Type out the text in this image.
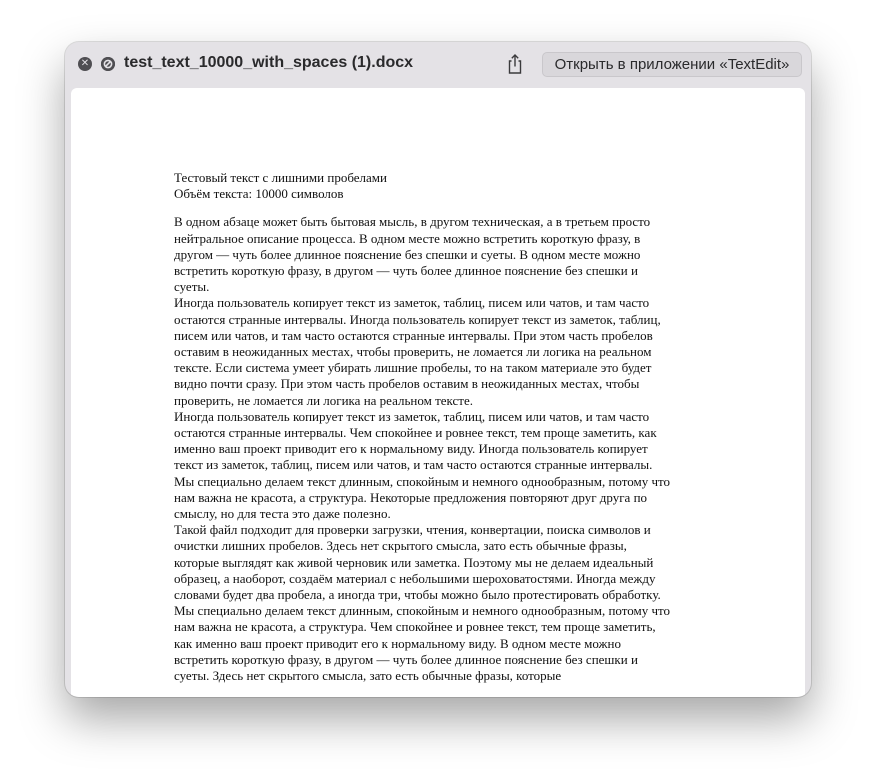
✕ test_text_10000_with_spaces (1).docx	Открыть в приложении «TextEdit»

Тестовый текст с лишними пробелами

Объём текста: 10000 символов

В одном абзаце может быть бытовая мысль, в другом техническая, а в третьем просто нейтральное описание процесса. В одном месте можно встретить короткую фразу, в другом — чуть более длинное пояснение без спешки и суеты. В одном месте можно встретить короткую фразу, в другом — чуть более длинное пояснение без спешки и суеты.

Иногда пользователь копирует текст из заметок, таблиц, писем или чатов, и там часто остаются странные интервалы. Иногда пользователь копирует текст из заметок, таблиц, писем или чатов, и там часто остаются странные интервалы. При этом часть пробелов оставим в неожиданных местах, чтобы проверить, не ломается ли логика на реальном тексте. Если система умеет убирать лишние пробелы, то на таком материале это будет видно почти сразу. При этом часть пробелов оставим в неожиданных местах, чтобы проверить, не ломается ли логика на реальном тексте.

Иногда пользователь копирует текст из заметок, таблиц, писем или чатов, и там часто остаются странные интервалы. Чем спокойнее и ровнее текст, тем проще заметить, как именно ваш проект приводит его к нормальному виду. Иногда пользователь копирует текст из заметок, таблиц, писем или чатов, и там часто остаются странные интервалы. Мы специально делаем текст длинным, спокойным и немного однообразным, потому что нам важна не красота, а структура. Некоторые предложения повторяют друг друга по смыслу, но для теста это даже полезно.

Такой файл подходит для проверки загрузки, чтения, конвертации, поиска символов и очистки лишних пробелов. Здесь нет скрытого смысла, зато есть обычные фразы, которые выглядят как живой черновик или заметка. Поэтому мы не делаем идеальный образец, а наоборот, создаём материал с небольшими шероховатостями. Иногда между словами будет два пробела, а иногда три, чтобы можно было протестировать обработку.

Мы специально делаем текст длинным, спокойным и немного однообразным, потому что нам важна не красота, а структура. Чем спокойнее и ровнее текст, тем проще заметить, как именно ваш проект приводит его к нормальному виду. В одном месте можно встретить короткую фразу, в другом — чуть более длинное пояснение без спешки и суеты. Здесь нет скрытого смысла, зато есть обычные фразы, которые
